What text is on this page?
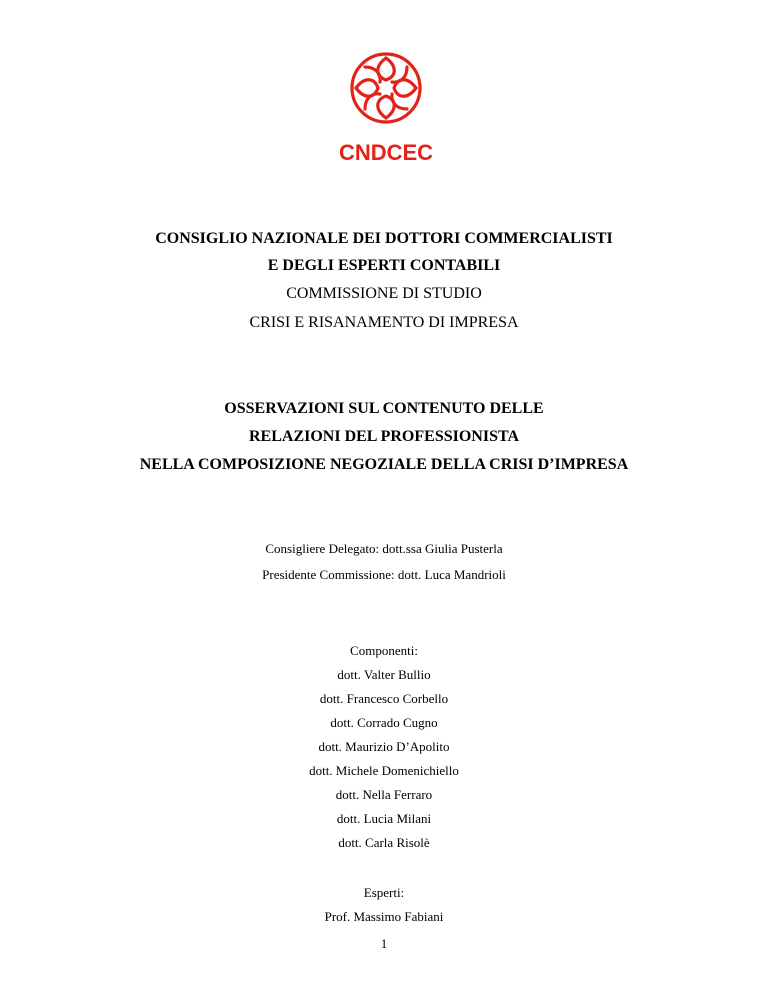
CNDCEC
CONSIGLIO NAZIONALE DEI DOTTORI COMMERCIALISTI
E DEGLI ESPERTI CONTABILI
COMMISSIONE DI STUDIO
CRISI E RISANAMENTO DI IMPRESA
OSSERVAZIONI SUL CONTENUTO DELLE
RELAZIONI DEL PROFESSIONISTA
NELLA COMPOSIZIONE NEGOZIALE DELLA CRISI D’IMPRESA
Consigliere Delegato: dott.ssa Giulia Pusterla
Presidente Commissione: dott. Luca Mandrioli
Componenti:
dott. Valter Bullio
dott. Francesco Corbello
dott. Corrado Cugno
dott. Maurizio D’Apolito
dott. Michele Domenichiello
dott. Nella Ferraro
dott. Lucia Milani
dott. Carla Risolè
Esperti:
Prof. Massimo Fabiani
1
